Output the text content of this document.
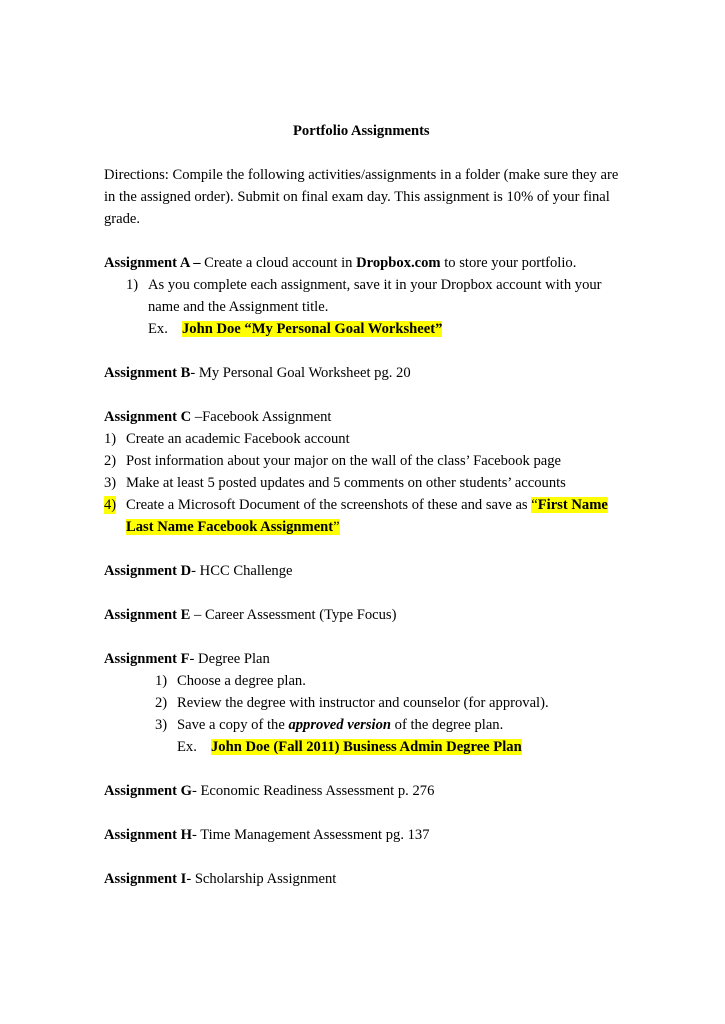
Portfolio Assignments
Directions: Compile the following activities/assignments in a folder (make sure they are
in the assigned order). Submit on final exam day. This assignment is 10% of your final
grade.
Assignment A – Create a cloud account in Dropbox.com to store your portfolio.
1) As you complete each assignment, save it in your Dropbox account with your
name and the Assignment title.
Ex. John Doe “My Personal Goal Worksheet”
Assignment B- My Personal Goal Worksheet pg. 20
Assignment C –Facebook Assignment
1) Create an academic Facebook account
2) Post information about your major on the wall of the class’ Facebook page
3) Make at least 5 posted updates and 5 comments on other students’ accounts
4) Create a Microsoft Document of the screenshots of these and save as “First Name
Last Name Facebook Assignment”
Assignment D- HCC Challenge
Assignment E – Career Assessment (Type Focus)
Assignment F- Degree Plan
1) Choose a degree plan.
2) Review the degree with instructor and counselor (for approval).
3) Save a copy of the approved version of the degree plan.
Ex. John Doe (Fall 2011) Business Admin Degree Plan
Assignment G- Economic Readiness Assessment p. 276
Assignment H- Time Management Assessment pg. 137
Assignment I- Scholarship Assignment
